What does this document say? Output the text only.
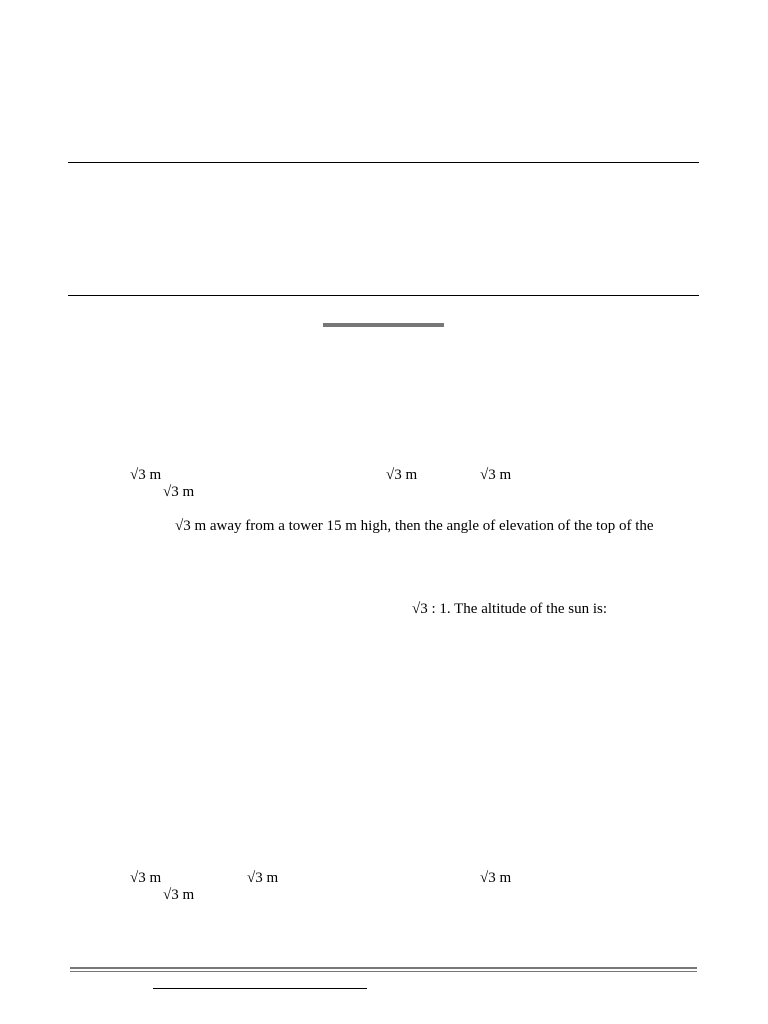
√3 m	√3 m	√3 m
√3 m
√3 m away from a tower 15 m high, then the angle of elevation of the top of the
√3 : 1. The altitude of the sun is:
√3 m	√3 m	√3 m
√3 m
